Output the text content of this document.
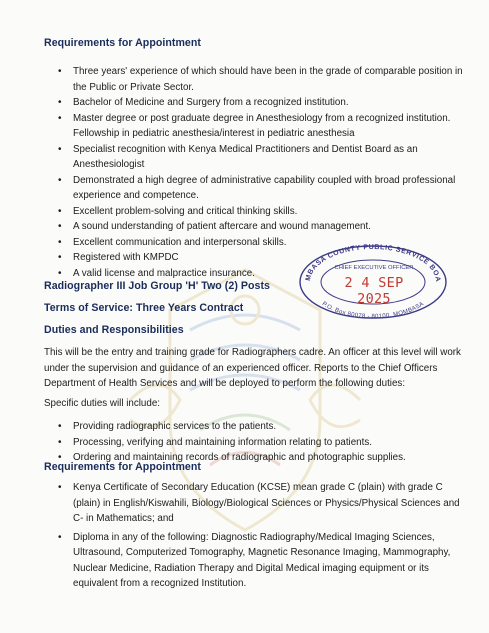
Requirements for Appointment
• Three years' experience of which should have been in the grade of comparable position in the Public or Private Sector.
• Bachelor of Medicine and Surgery from a recognized institution.
• Master degree or post graduate degree in Anesthesiology from a recognized institution. Fellowship in pediatric anesthesia/interest in pediatric anesthesia
• Specialist recognition with Kenya Medical Practitioners and Dentist Board as an Anesthesiologist
• Demonstrated a high degree of administrative capability coupled with broad professional experience and competence.
• Excellent problem-solving and critical thinking skills.
• A sound understanding of patient aftercare and wound management.
• Excellent communication and interpersonal skills.
• Registered with KMPDC
• A valid license and malpractice insurance.
Radiographer III Job Group 'H' Two (2) Posts
Terms of Service: Three Years Contract
Duties and Responsibilities
This will be the entry and training grade for Radiographers cadre. An officer at this level will work under the supervision and guidance of an experienced officer. Reports to the Chief Officers Department of Health Services and will be deployed to perform the following duties:
Specific duties will include:
• Providing radiographic services to the patients.
• Processing, verifying and maintaining information relating to patients.
• Ordering and maintaining records of radiographic and photographic supplies.
Requirements for Appointment
• Kenya Certificate of Secondary Education (KCSE) mean grade C (plain) with grade C (plain) in English/Kiswahili, Biology/Biological Sciences or Physics/Physical Sciences and C- in Mathematics; and
• Diploma in any of the following: Diagnostic Radiography/Medical Imaging Sciences, Ultrasound, Computerized Tomography, Magnetic Resonance Imaging, Mammography, Nuclear Medicine, Radiation Therapy and Digital Medical imaging equipment or its equivalent from a recognized Institution.
MBASA COUNTY PUBLIC SERVICE BOA
P.O. Box 80078 - 80100, MOMBASA
CHIEF EXECUTIVE OFFICER
2 4 SEP 2025
